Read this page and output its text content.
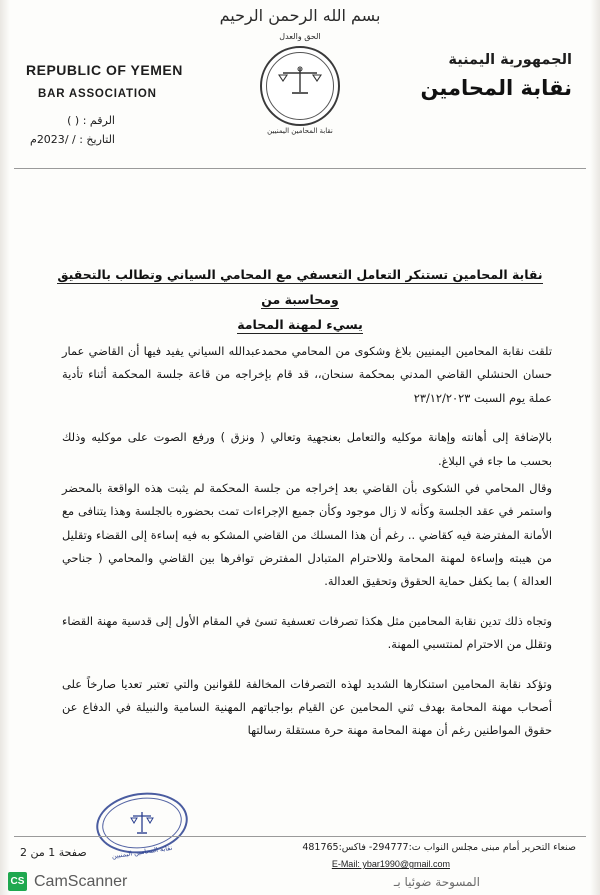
بسم الله الرحمن الرحيم
الحق والعدل
نقابة المحامين اليمنيين
REPUBLIC OF YEMEN
BAR ASSOCIATION
الجمهورية اليمنية
نقابة المحامين
الرقم : ( )
التاريخ : / /2023م
نقابة المحامين تستنكر التعامل التعسفي مع المحامي السياني وتطالب بالتحقيق ومحاسبة من
يسيء لمهنة المحامة

تلقت نقابة المحامين اليمنيين بلاغ وشكوى من المحامي محمدعبدالله السياني يفيد فيها أن القاضي عمار حسان الحنشلي القاضي المدني بمحكمة سنحان،، قد قام بإخراجه من قاعة جلسة المحكمة أثناء تأدية عملة يوم السبت ٢٣/١٢/٢٠٢٣

بالإضافة إلى أهانته وإهانة موكليه والتعامل بعنجهية وتعالي ( ونزق ) ورفع الصوت على موكليه وذلك بحسب ما جاء في البلاغ.

وقال المحامي في الشكوى بأن القاضي بعد إخراجه من جلسة المحكمة لم يثبت هذه الواقعة بالمحضر واستمر في عقد الجلسة وكأنه لا زال موجود وكأن جميع الإجراءات تمت بحضوره بالجلسة وهذا يتنافى مع الأمانة المفترضة فيه كقاضي .. رغم أن هذا المسلك من القاضي المشكو به فيه إساءة إلى القضاء وتقليل من هيبته وإساءة لمهنة المحامة وللاحترام المتبادل المفترض توافرها بين القاضي والمحامي ( جناحي العدالة ) بما يكفل حماية الحقوق وتحقيق العدالة.

وتجاه ذلك تدين نقابة المحامين مثل هكذا تصرفات تعسفية تسئ في المقام الأول إلى قدسية مهنة القضاء وتقلل من الاحترام لمنتسبي المهنة.

وتؤكد نقابة المحامين استنكارها الشديد لهذه التصرفات المخالفة للقوانين والتي تعتبر تعديا صارخاً على أصحاب مهنة المحامة بهدف ثني المحامين عن القيام بواجباتهم المهنية السامية والنبيلة في الدفاع عن حقوق المواطنين رغم أن مهنة المحامة مهنة حرة مستقلة رسالتها

نقابة المحامين اليمنيين
صفحة 1 من 2	صنعاء التحرير أمام مبنى مجلس النواب ت:294777- فاكس:481765
E-Mail: ybar1990@gmail.com
CS CamScanner	المسوحة ضوئيا بـ
